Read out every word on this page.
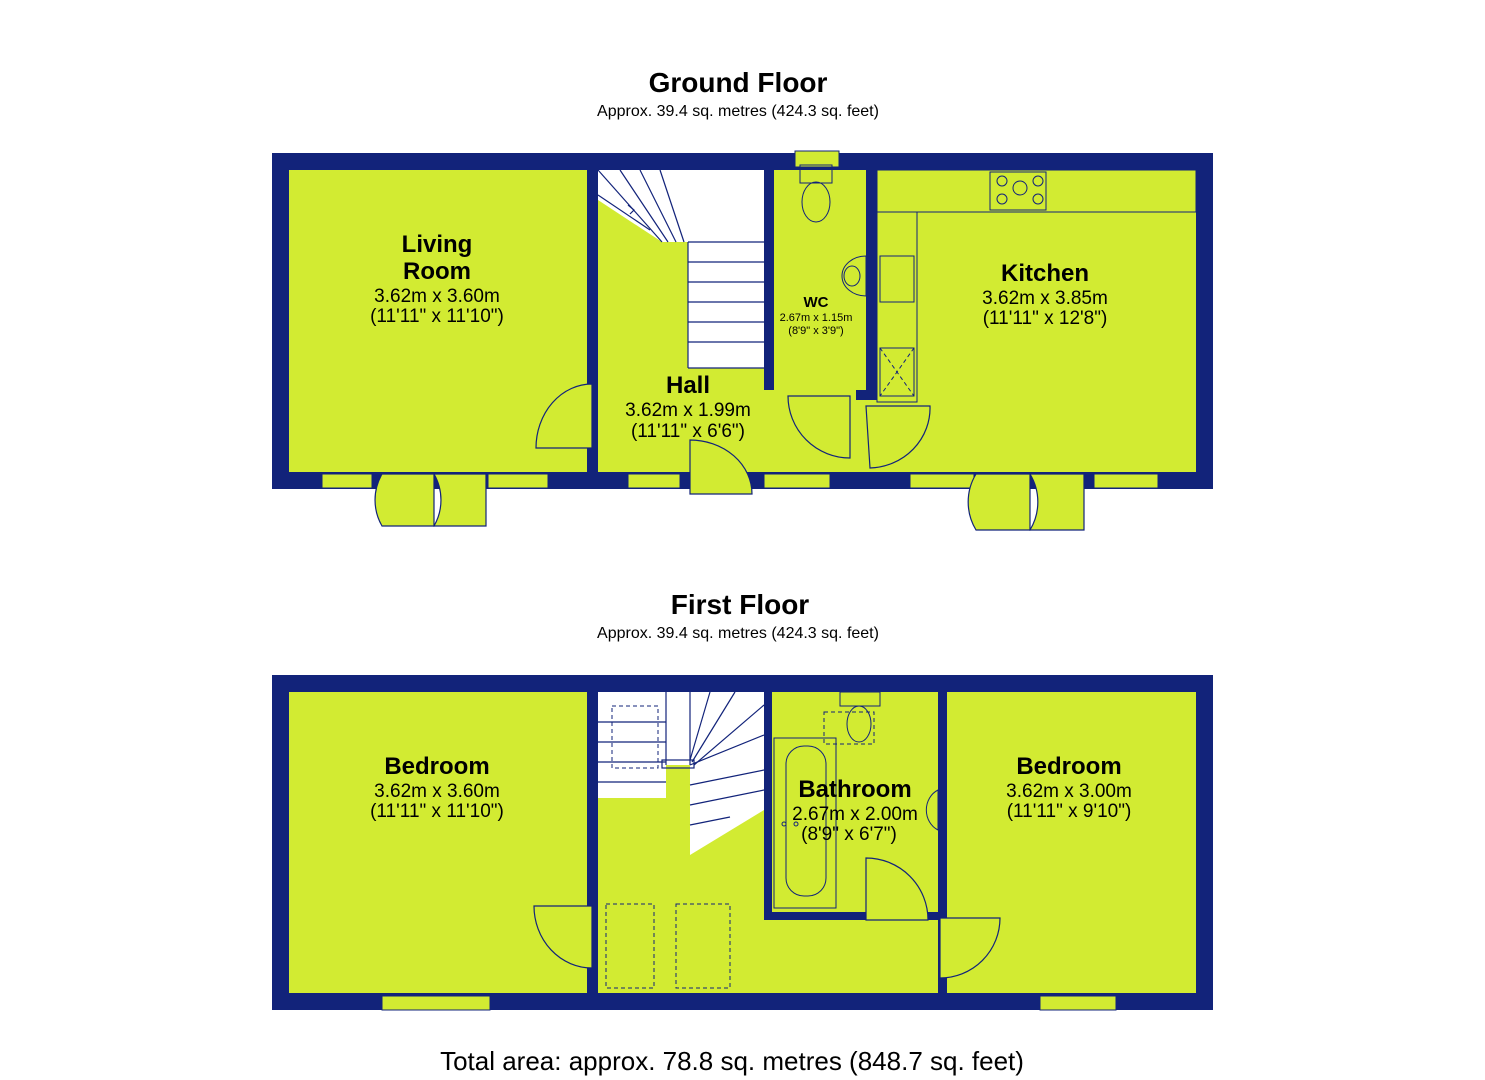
Ground Floor
Approx. 39.4 sq. metres (424.3 sq. feet)
Living
Room
3.62m x 3.60m
(11'11" x 11'10")
Hall
3.62m x 1.99m
(11'11" x 6'6")
WC
2.67m x 1.15m
(8'9" x 3'9")
Kitchen
3.62m x 3.85m
(11'11" x 12'8")
First Floor
Approx. 39.4 sq. metres (424.3 sq. feet)
Bedroom
3.62m x 3.60m
(11'11" x 11'10")
Bathroom
2.67m x 2.00m
(8'9" x 6'7")
Bedroom
3.62m x 3.00m
(11'11" x 9'10")
Total area: approx. 78.8 sq. metres (848.7 sq. feet)
